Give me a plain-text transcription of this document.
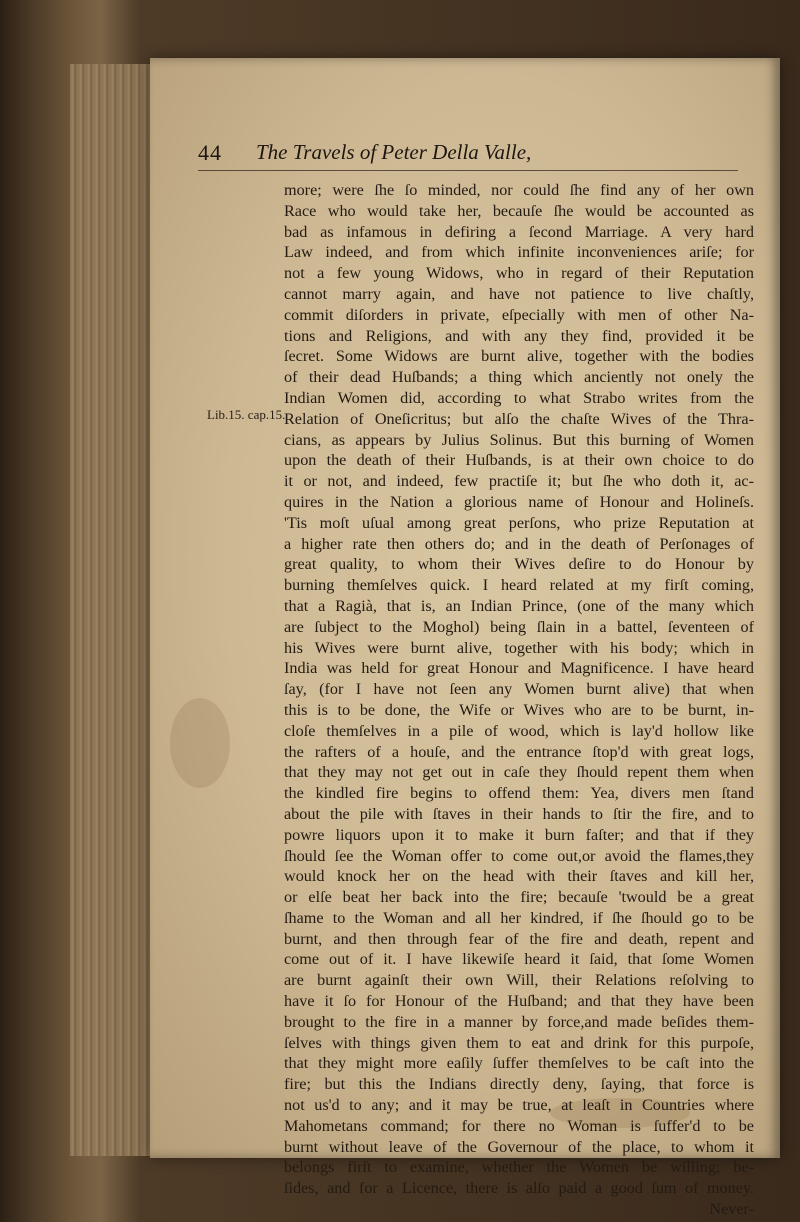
44 The Travels of Peter Della Valle,
Lib.15. cap.15.
more; were ſhe ſo minded, nor could ſhe find any of her own
Race who would take her, becauſe ſhe would be accounted as
bad as infamous in defiring a ſecond Marriage. A very hard
Law indeed, and from which infinite inconveniences ariſe; for
not a few young Widows, who in regard of their Reputation
cannot marry again, and have not patience to live chaſtly,
commit diſorders in private, eſpecially with men of other Na-
tions and Religions, and with any they find, provided it be
ſecret. Some Widows are burnt alive, together with the bodies
of their dead Huſbands; a thing which anciently not onely the
Indian Women did, according to what Strabo writes from the
Relation of Oneſicritus; but alſo the chaſte Wives of the Thra-
cians, as appears by Julius Solinus. But this burning of Women
upon the death of their Huſbands, is at their own choice to do
it or not, and indeed, few practiſe it; but ſhe who doth it, ac-
quires in the Nation a glorious name of Honour and Holineſs.
'Tis moſt uſual among great perſons, who prize Reputation at
a higher rate then others do; and in the death of Perſonages of
great quality, to whom their Wives deſire to do Honour by
burning themſelves quick. I heard related at my firſt coming,
that a Ragià, that is, an Indian Prince, (one of the many which
are ſubject to the Moghol) being ſlain in a battel, ſeventeen of
his Wives were burnt alive, together with his body; which in
India was held for great Honour and Magnificence. I have heard
ſay, (for I have not ſeen any Women burnt alive) that when
this is to be done, the Wife or Wives who are to be burnt, in-
cloſe themſelves in a pile of wood, which is lay'd hollow like
the rafters of a houſe, and the entrance ſtop'd with great logs,
that they may not get out in caſe they ſhould repent them when
the kindled fire begins to offend them: Yea, divers men ſtand
about the pile with ſtaves in their hands to ſtir the fire, and to
powre liquors upon it to make it burn faſter; and that if they
ſhould ſee the Woman offer to come out,or avoid the flames,they
would knock her on the head with their ſtaves and kill her,
or elſe beat her back into the fire; becauſe 'twould be a great
ſhame to the Woman and all her kindred, if ſhe ſhould go to be
burnt, and then through fear of the fire and death, repent and
come out of it. I have likewiſe heard it ſaid, that ſome Women
are burnt againſt their own Will, their Relations reſolving to
have it ſo for Honour of the Huſband; and that they have been
brought to the fire in a manner by force,and made beſides them-
ſelves with things given them to eat and drink for this purpoſe,
that they might more eaſily ſuffer themſelves to be caſt into the
fire; but this the Indians directly deny, ſaying, that force is
not us'd to any; and it may be true, at leaſt in Countries where
Mahometans command; for there no Woman is ſuffer'd to be
burnt without leave of the Governour of the place, to whom it
belongs firſt to examine, whether the Women be willing; be-
ſides, and for a Licence, there is alſo paid a good ſum of money.
Never-
